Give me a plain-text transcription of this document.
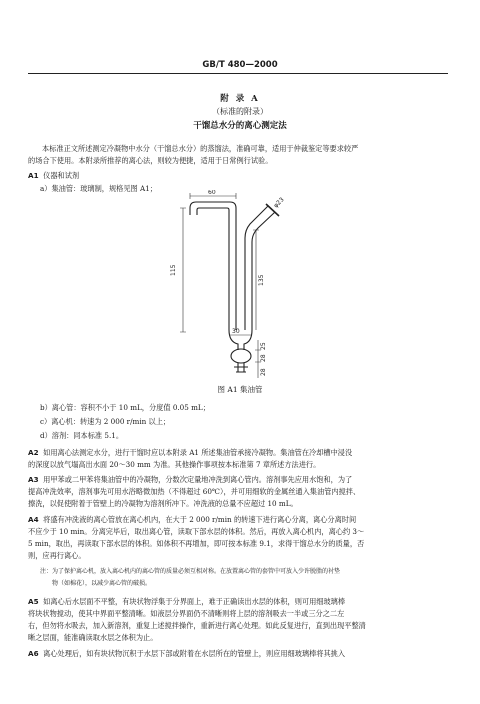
GB/T 480—2000
附 录 A
（标准的附录）
干馏总水分的离心测定法
本标准正文所述测定冷凝物中水分（干馏总水分）的蒸馏法，准确可靠，适用于仲裁鉴定等要求较严
的场合下使用。本附录所推荐的离心法，则较为便捷，适用于日常例行试验。
A1 仪器和试剂
a）集油管：玻璃制，规格见图 A1；	60
φ23
115
135
30
25
28
28
图 A1 集油管
b）离心管：容积不小于 10 mL，分度值 0.05 mL；
c）离心机：转速为 2 000 r/min 以上；
d）溶剂：同本标准 5.1。
A2 如用离心法测定水分，进行干馏时应以本附录 A1 所述集油管承接冷凝物。集油管在冷却槽中浸没
的深度以放气塌高出水面 20～30 mm 为准。其他操作事项按本标准第 7 章所述方法进行。
A3 用甲苯或二甲苯将集油管中的冷凝物，分数次定量地冲洗到离心管内。溶剂事先应用水饱和，为了
提高冲洗效率，溶剂事先可用水浴略微加热（不得超过 60℃），并可用细软的金属丝通入集油管内搅拌、
擦洗，以促使附着于管壁上的冷凝物为溶剂所冲下。冲洗液的总量不应超过 10 mL。
A4 将盛有冲洗液的离心管放在离心机内，在大于 2 000 r/min 的转速下进行离心分离，离心分离时间
不应少于 10 min。分离完毕后，取出离心管，读取下部水层的体积。然后，再放入离心机内，离心约 3～
5 min，取出，再读取下部水层的体积。如体积不再增加，即可按本标准 9.1，求得干馏总水分的质量，否
则，应再行离心。
注：为了保护离心机，放入离心机内的离心管的质量必须互相对称。在放置离心管的套管中可放入少许脱脂的衬垫
物（如棉花），以减少离心管的破损。
A5 如离心后水层面不平整，有块状物浮集于分界面上，难于正确读出水层的体积，则可用细玻璃棒
将块状物搅动，使其中界面平整清晰。如液层分界面仍不清晰则将上层的溶剂吸去一半或三分之二左
右，但勿将水吸去，加入新溶剂，重复上述搅拌操作，重新进行离心处理。如此反复进行，直到出现平整清
晰之层面，能准确读取水层之体积为止。
A6 离心处理后，如有块状物沉积于水层下部或附着在水层所在的管壁上，则应用细玻璃棒将其挑入
